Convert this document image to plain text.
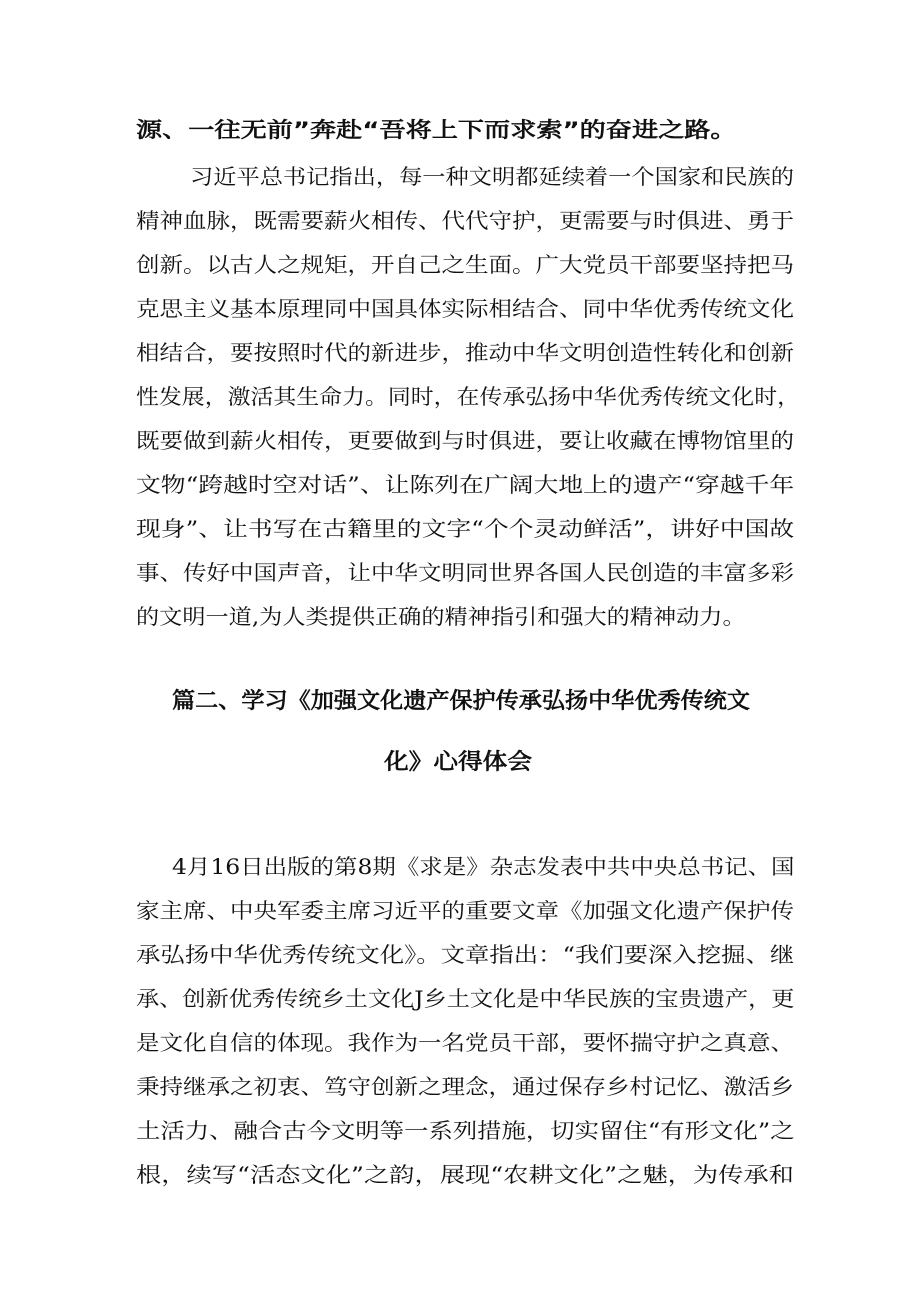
源、一往无前”奔赴“吾将上下而求索”的奋进之路。
习近平总书记指出，每一种文明都延续着一个国家和民族的
精神血脉，既需要薪火相传、代代守护，更需要与时俱进、勇于
创新。以古人之规矩，开自己之生面。广大党员干部要坚持把马
克思主义基本原理同中国具体实际相结合、同中华优秀传统文化
相结合，要按照时代的新进步，推动中华文明创造性转化和创新
性发展，激活其生命力。同时，在传承弘扬中华优秀传统文化时，
既要做到薪火相传，更要做到与时俱进，要让收藏在博物馆里的
文物“跨越时空对话”、让陈列在广阔大地上的遗产“穿越千年
现身”、让书写在古籍里的文字“个个灵动鲜活”，讲好中国故
事、传好中国声音，让中华文明同世界各国人民创造的丰富多彩
的文明一道,为人类提供正确的精神指引和强大的精神动力。
篇二、学习《加强文化遗产保护传承弘扬中华优秀传统文
化》心得体会
4月16日出版的第8期《求是》杂志发表中共中央总书记、国
家主席、中央军委主席习近平的重要文章《加强文化遗产保护传
承弘扬中华优秀传统文化》。文章指出：“我们要深入挖掘、继
承、创新优秀传统乡土文化J乡土文化是中华民族的宝贵遗产，更
是文化自信的体现。我作为一名党员干部，要怀揣守护之真意、
秉持继承之初衷、笃守创新之理念，通过保存乡村记忆、激活乡
土活力、融合古今文明等一系列措施，切实留住“有形文化”之
根，续写“活态文化”之韵，展现“农耕文化”之魅，为传承和
